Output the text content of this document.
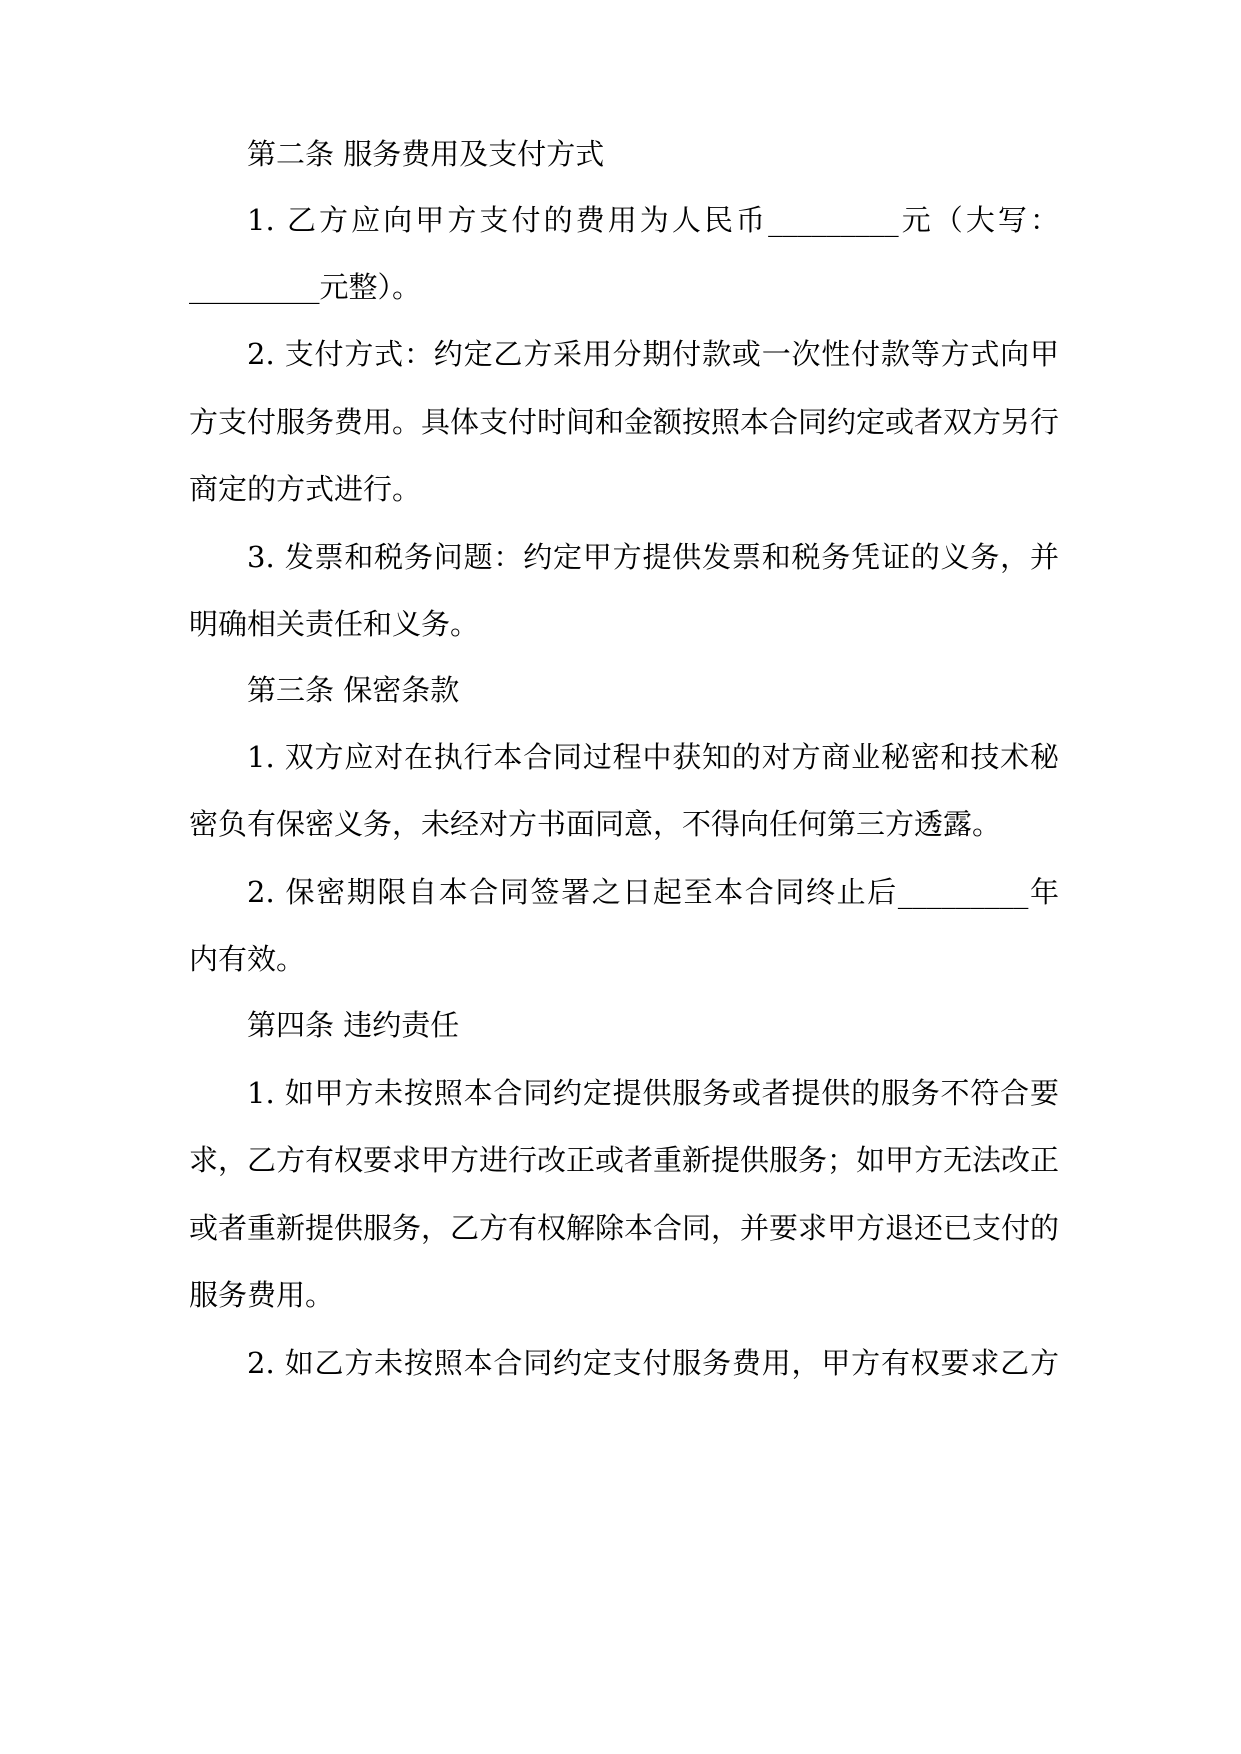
第二条 服务费用及支付方式
1. 乙方应向甲方支付的费用为人民币_________元（大写：
_________元整）。
2. 支付方式：约定乙方采用分期付款或一次性付款等方式向甲
方支付服务费用。具体支付时间和金额按照本合同约定或者双方另行
商定的方式进行。
3. 发票和税务问题：约定甲方提供发票和税务凭证的义务，并
明确相关责任和义务。
第三条 保密条款
1. 双方应对在执行本合同过程中获知的对方商业秘密和技术秘
密负有保密义务，未经对方书面同意，不得向任何第三方透露。
2. 保密期限自本合同签署之日起至本合同终止后_________年
内有效。
第四条 违约责任
1. 如甲方未按照本合同约定提供服务或者提供的服务不符合要
求，乙方有权要求甲方进行改正或者重新提供服务；如甲方无法改正
或者重新提供服务，乙方有权解除本合同，并要求甲方退还已支付的
服务费用。
2. 如乙方未按照本合同约定支付服务费用，甲方有权要求乙方
